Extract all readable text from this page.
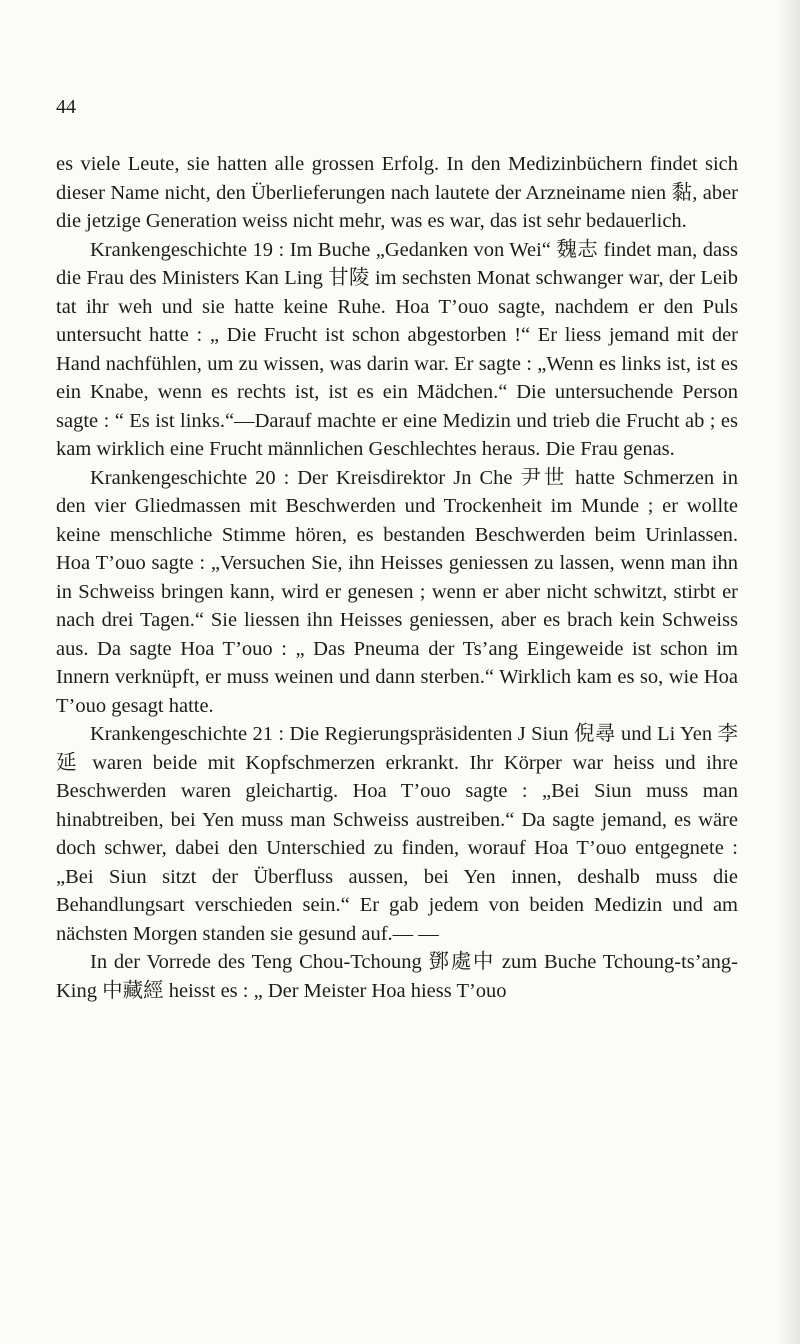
44

es viele Leute, sie hatten alle grossen Erfolg. In den Medizinbüchern findet sich dieser Name nicht, den Überlieferungen nach lautete der Arzneiname nien 黏, aber die jetzige Generation weiss nicht mehr, was es war, das ist sehr bedauerlich.

Krankengeschichte 19 : Im Buche „Gedanken von Wei“ 魏志 findet man, dass die Frau des Ministers Kan Ling 甘陵 im sechsten Monat schwanger war, der Leib tat ihr weh und sie hatte keine Ruhe. Hoa T’ouo sagte, nachdem er den Puls untersucht hatte : „ Die Frucht ist schon abgestorben !“ Er liess jemand mit der Hand nachfühlen, um zu wissen, was darin war. Er sagte : „Wenn es links ist, ist es ein Knabe, wenn es rechts ist, ist es ein Mädchen.“ Die untersuchende Person sagte : “ Es ist links.“—Darauf machte er eine Medizin und trieb die Frucht ab ; es kam wirklich eine Frucht männlichen Geschlechtes heraus. Die Frau genas.

Krankengeschichte 20 : Der Kreisdirektor Jn Che 尹世 hatte Schmerzen in den vier Gliedmassen mit Beschwerden und Trockenheit im Munde ; er wollte keine menschliche Stimme hören, es bestanden Beschwerden beim Urinlassen. Hoa T’ouo sagte : „Versuchen Sie, ihn Heisses geniessen zu lassen, wenn man ihn in Schweiss bringen kann, wird er genesen ; wenn er aber nicht schwitzt, stirbt er nach drei Tagen.“ Sie liessen ihn Heisses geniessen, aber es brach kein Schweiss aus. Da sagte Hoa T’ouo : „ Das Pneuma der Ts’ang Eingeweide ist schon im Innern verknüpft, er muss weinen und dann sterben.“ Wirklich kam es so, wie Hoa T’ouo gesagt hatte.

Krankengeschichte 21 : Die Regierungspräsidenten J Siun 倪尋 und Li Yen 李延 waren beide mit Kopfschmerzen erkrankt. Ihr Körper war heiss und ihre Beschwerden waren gleichartig. Hoa T’ouo sagte : „Bei Siun muss man hinabtreiben, bei Yen muss man Schweiss austreiben.“ Da sagte jemand, es wäre doch schwer, dabei den Unterschied zu finden, worauf Hoa T’ouo entgegnete : „Bei Siun sitzt der Überfluss aussen, bei Yen innen, deshalb muss die Behandlungsart verschieden sein.“ Er gab jedem von beiden Medizin und am nächsten Morgen standen sie gesund auf.— —

In der Vorrede des Teng Chou-Tchoung 鄧處中 zum Buche Tchoung-ts’ang-King 中藏經 heisst es : „ Der Meister Hoa hiess T’ouo
